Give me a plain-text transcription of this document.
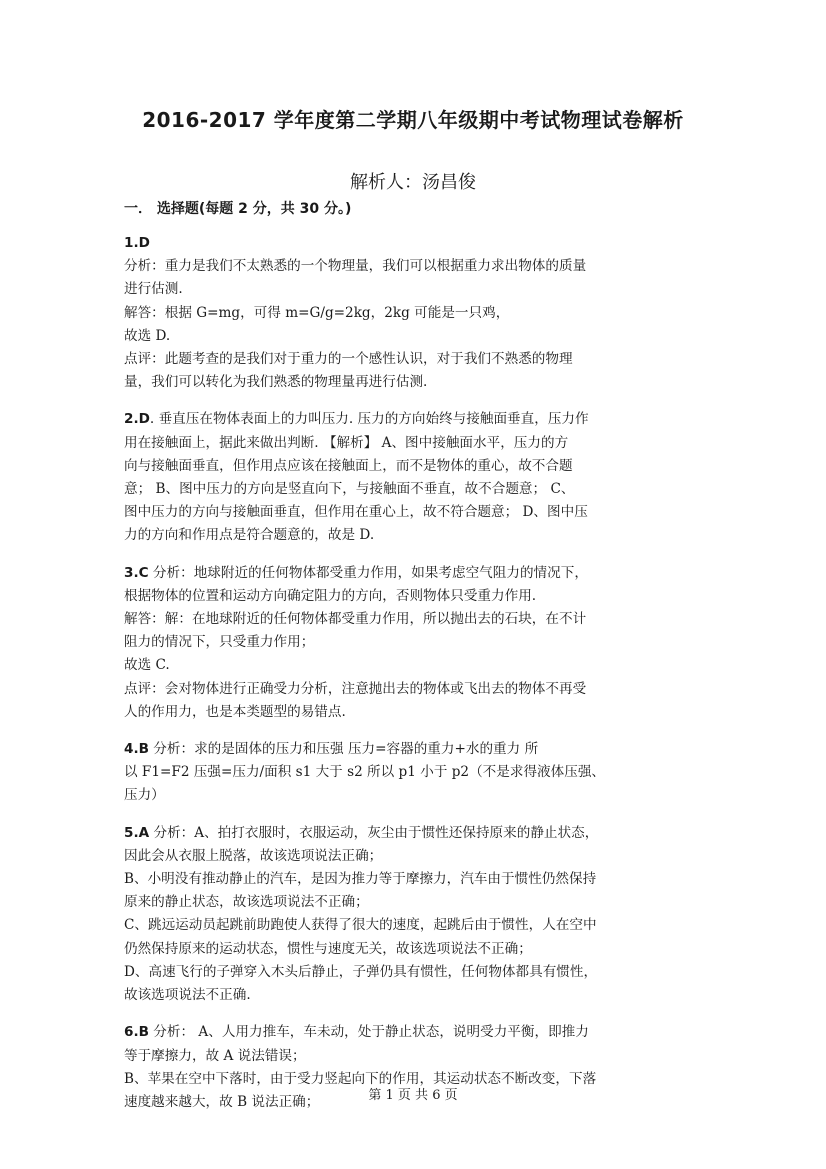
2016-2017 学年度第二学期八年级期中考试物理试卷解析
解析人：汤昌俊
一． 选择题(每题 2 分，共 30 分。)

1.D

分析：重力是我们不太熟悉的一个物理量，我们可以根据重力求出物体的质量

进行估测.

解答：根据 G=mg，可得 m=G/g=2kg，2kg 可能是一只鸡，

故选 D.

点评：此题考查的是我们对于重力的一个感性认识，对于我们不熟悉的物理

量，我们可以转化为我们熟悉的物理量再进行估测.

2.D. 垂直压在物体表面上的力叫压力. 压力的方向始终与接触面垂直，压力作

用在接触面上，据此来做出判断. 【解析】 A、图中接触面水平，压力的方

向与接触面垂直，但作用点应该在接触面上，而不是物体的重心，故不合题

意； B、图中压力的方向是竖直向下，与接触面不垂直，故不合题意； C、

图中压力的方向与接触面垂直，但作用在重心上，故不符合题意； D、图中压

力的方向和作用点是符合题意的，故是 D.

3.C 分析：地球附近的任何物体都受重力作用，如果考虑空气阻力的情况下，

根据物体的位置和运动方向确定阻力的方向，否则物体只受重力作用.

解答：解：在地球附近的任何物体都受重力作用，所以抛出去的石块，在不计

阻力的情况下，只受重力作用；

故选 C.

点评：会对物体进行正确受力分析，注意抛出去的物体或飞出去的物体不再受

人的作用力，也是本类题型的易错点.

4.B 分析：求的是固体的压力和压强 压力=容器的重力+水的重力 所

以 F1=F2 压强=压力/面积 s1 大于 s2 所以 p1 小于 p2（不是求得液体压强、

压力）

5.A 分析：A、拍打衣服时，衣服运动，灰尘由于惯性还保持原来的静止状态，

因此会从衣服上脱落，故该选项说法正确；

B、小明没有推动静止的汽车，是因为推力等于摩擦力，汽车由于惯性仍然保持

原来的静止状态，故该选项说法不正确；

C、跳远运动员起跳前助跑使人获得了很大的速度，起跳后由于惯性，人在空中

仍然保持原来的运动状态，惯性与速度无关，故该选项说法不正确；

D、高速飞行的子弹穿入木头后静止，子弹仍具有惯性，任何物体都具有惯性，

故该选项说法不正确.

6.B 分析： A、人用力推车，车未动，处于静止状态，说明受力平衡，即推力

等于摩擦力，故 A 说法错误；

B、苹果在空中下落时，由于受力竖起向下的作用，其运动状态不断改变，下落

速度越来越大，故 B 说法正确；	第 1 页 共 6 页
